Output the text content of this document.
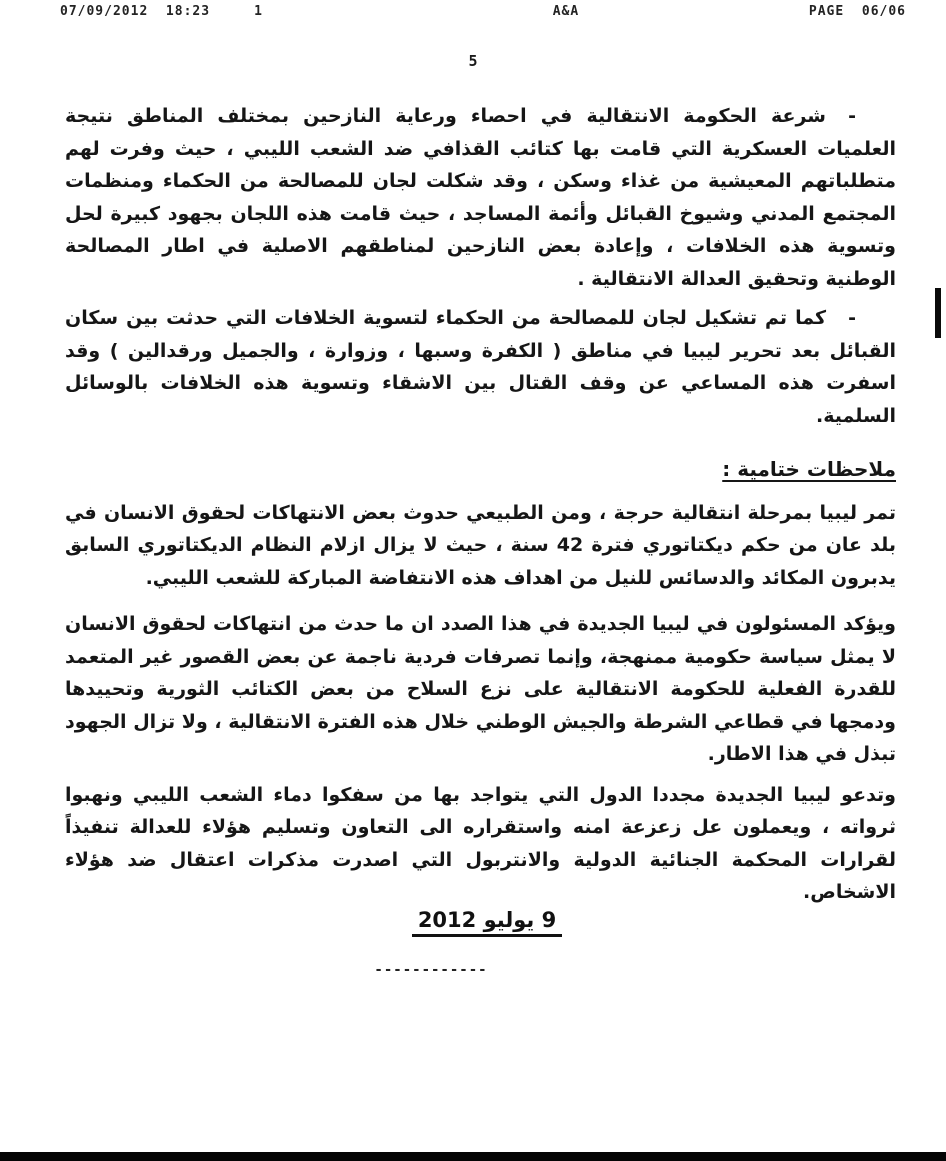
07/09/2012  18:23     1	A&A	PAGE  06/06
5

-
شرعة الحكومة الانتقالية في احصاء ورعاية النازحين بمختلف المناطق نتيجة العلميات العسكرية التي قامت بها كتائب القذافي ضد الشعب الليبي ، حيث وفرت لهم متطلباتهم المعيشية من غذاء وسكن ، وقد شكلت لجان للمصالحة من الحكماء ومنظمات المجتمع المدني وشيوخ القبائل وأئمة المساجد ، حيث قامت هذه اللجان بجهود كبيرة لحل وتسوية هذه الخلافات ، وإعادة بعض النازحين لمناطقهم الاصلية في اطار المصالحة الوطنية وتحقيق العدالة الانتقالية .

-
كما تم تشكيل لجان للمصالحة من الحكماء لتسوية الخلافات التي حدثت بين سكان القبائل بعد تحرير ليبيا في مناطق ( الكفرة وسبها ، وزوارة ، والجميل ورقدالين ) وقد اسفرت هذه المساعي عن وقف القتال بين الاشقاء وتسوية هذه الخلافات بالوسائل السلمية.

ملاحظات ختامية :

تمر ليبيا بمرحلة انتقالية حرجة ، ومن الطبيعي حدوث بعض الانتهاكات لحقوق الانسان في بلد عان من حكم ديكتاتوري فترة 42 سنة ، حيث لا يزال ازلام النظام الديكتاتوري السابق يدبرون المكائد والدسائس للنيل من اهداف هذه الانتفاضة المباركة للشعب الليبي.

ويؤكد المسئولون في ليبيا الجديدة في هذا الصدد ان ما حدث من انتهاكات لحقوق الانسان لا يمثل سياسة حكومية ممنهجة، وإنما تصرفات فردية ناجمة عن بعض القصور غير المتعمد للقدرة الفعلية للحكومة الانتقالية على نزع السلاح من بعض الكتائب الثورية وتحييدها ودمجها في قطاعي الشرطة والجيش الوطني خلال هذه الفترة الانتقالية ، ولا تزال الجهود تبذل في هذا الاطار.

وتدعو ليبيا الجديدة مجددا الدول التي يتواجد بها من سفكوا دماء الشعب الليبي ونهبوا ثرواته ، ويعملون عل زعزعة امنه واستقراره الى التعاون وتسليم هؤلاء للعدالة تنفيذاً لقرارات المحكمة الجنائية الدولية والانتربول التي اصدرت مذكرات اعتقال ضد هؤلاء الاشخاص.

9 يوليو 2012
------------
